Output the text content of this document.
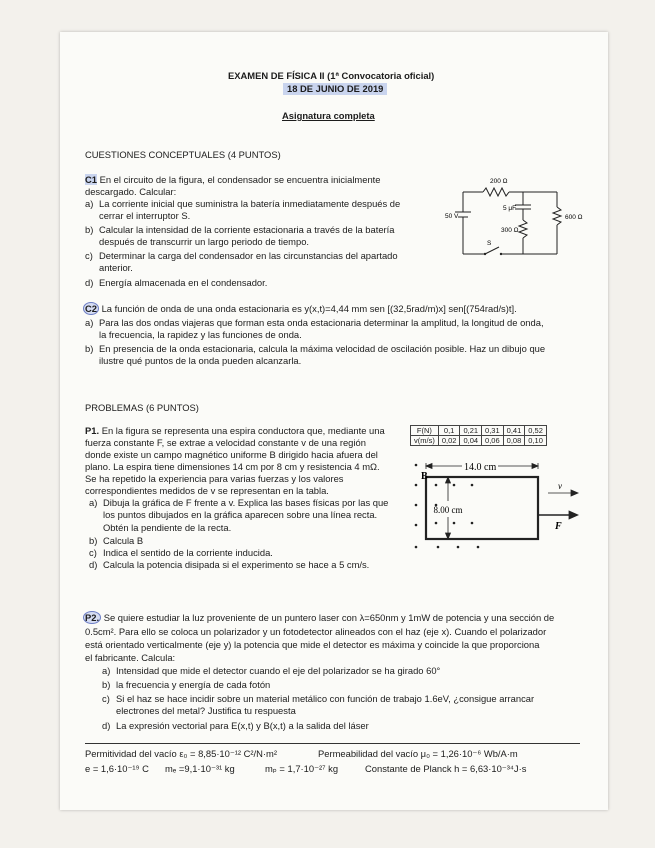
EXAMEN DE FÍSICA II (1ª Convocatoria oficial)
18 DE JUNIO DE 2019
Asignatura completa
CUESTIONES CONCEPTUALES (4 PUNTOS)
C1 En el circuito de la figura, el condensador se encuentra inicialmente
descargado. Calcular:
a) La corriente inicial que suministra la batería inmediatamente después de
cerrar el interruptor S.
b) Calcular la intensidad de la corriente estacionaria a través de la batería
después de transcurrir un largo periodo de tiempo.
c) Determinar la carga del condensador en las circunstancias del apartado
anterior.
d) Energía almacenada en el condensador.
200 Ω
5 μF
50 V	600 Ω
300 Ω
S
C2 La función de onda de una onda estacionaria es y(x,t)=4,44 mm sen [(32,5rad/m)x] sen[(754rad/s)t].
a) Para las dos ondas viajeras que forman esta onda estacionaria determinar la amplitud, la longitud de onda,
la frecuencia, la rapidez y las funciones de onda.
b) En presencia de la onda estacionaria, calcula la máxima velocidad de oscilación posible. Haz un dibujo que
ilustre qué puntos de la onda pueden alcanzarla.
PROBLEMAS (6 PUNTOS)
P1. En la figura se representa una espira conductora que, mediante una
fuerza constante F, se extrae a velocidad constante v de una región
donde existe un campo magnético uniforme B dirigido hacia afuera del
plano. La espira tiene dimensiones 14 cm por 8 cm y resistencia 4 mΩ.
Se ha repetido la experiencia para varias fuerzas y los valores
correspondientes medidos de v se representan en la tabla.
a) Dibuja la gráfica de F frente a v. Explica las bases físicas por las que
los puntos dibujados en la gráfica aparecen sobre una línea recta.
Obtén la pendiente de la recta.
b) Calcula B
c) Indica el sentido de la corriente inducida.
d) Calcula la potencia disipada si el experimento se hace a 5 cm/s.
F(N)	0,1	0,21	0,31	0,41	0,52
v(m/s)	0,02	0,04	0,06	0,08	0,10
B
14.0 cm
8.00 cm
v
F
P2. Se quiere estudiar la luz proveniente de un puntero laser con λ=650nm y 1mW de potencia y una sección de
0.5cm². Para ello se coloca un polarizador y un fotodetector alineados con el haz (eje x). Cuando el polarizador
está orientado verticalmente (eje y) la potencia que mide el detector es máxima y coincide la que proporciona
el fabricante. Calcula:
a) Intensidad que mide el detector cuando el eje del polarizador se ha girado 60°
b) la frecuencia y energía de cada fotón
c) Si el haz se hace incidir sobre un material metálico con función de trabajo 1.6eV, ¿consigue arrancar
electrones del metal? Justifica tu respuesta
d) La expresión vectorial para E(x,t) y B(x,t) a la salida del láser
Permitividad del vacío ε₀ = 8,85·10⁻¹² C²/N·m²	Permeabilidad del vacío μ₀ = 1,26·10⁻⁶ Wb/A·m
e = 1,6·10⁻¹⁹ C mₑ =9,1·10⁻³¹ kg	mₚ = 1,7·10⁻²⁷ kg	Constante de Planck h = 6,63·10⁻³⁴J·s
